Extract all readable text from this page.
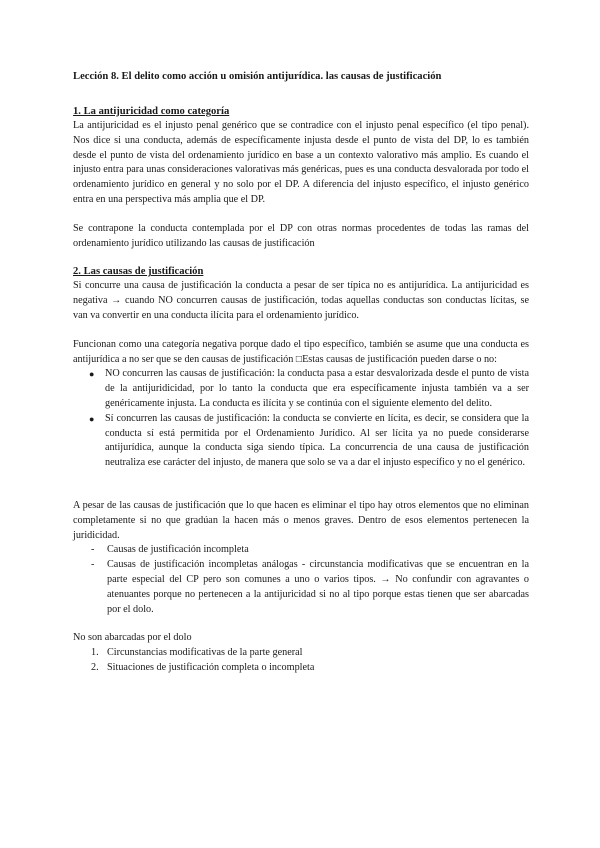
Lección 8. El delito como acción u omisión antijurídica. las causas de justificación

1. La antijuricidad como categoría

La antijuricidad es el injusto penal genérico que se contradice con el injusto penal específico (el tipo penal). Nos dice si una conducta, además de específicamente injusta desde el punto de vista del DP, lo es también desde el punto de vista del ordenamiento jurídico en base a un contexto valorativo más amplio. Es cuando el injusto entra para unas consideraciones valorativas más genéricas, pues es una conducta desvalorada por todo el ordenamiento jurídico en general y no solo por el DP. A diferencia del injusto específico, el injusto genérico entra en una perspectiva más amplia que el DP.

Se contrapone la conducta contemplada por el DP con otras normas procedentes de todas las ramas del ordenamiento jurídico utilizando las causas de justificación

2. Las causas de justificación

Si concurre una causa de justificación la conducta a pesar de ser típica no es antijurídica. La antijuricidad es negativa → cuando NO concurren causas de justificación, todas aquellas conductas son conductas lícitas, se van va convertir en una conducta ilícita para el ordenamiento jurídico.

Funcionan como una categoría negativa porque dado el tipo específico, también se asume que una conducta es antijurídica a no ser que se den causas de justificación □Estas causas de justificación pueden darse o no:

● NO concurren las causas de justificación: la conducta pasa a estar desvalorizada desde el punto de vista de la antijuridicidad, por lo tanto la conducta que era específicamente injusta también va a ser genéricamente injusta. La conducta es ilícita y se continúa con el siguiente elemento del delito.
● Sí concurren las causas de justificación: la conducta se convierte en lícita, es decir, se considera que la conducta sí está permitida por el Ordenamiento Jurídico. Al ser lícita ya no puede considerarse antijurídica, aunque la conducta siga siendo típica. La concurrencia de una causa de justificación neutraliza ese carácter del injusto, de manera que solo se va a dar el injusto específico y no el genérico.

A pesar de las causas de justificación que lo que hacen es eliminar el tipo hay otros elementos que no eliminan completamente si no que gradúan la hacen más o menos graves. Dentro de esos elementos pertenecen la juridicidad.

- Causas de justificación incompleta
- Causas de justificación incompletas análogas - circunstancia modificativas que se encuentran en la parte especial del CP pero son comunes a uno o varios tipos. → No confundir con agravantes o atenuantes porque no pertenecen a la antijuricidad si no al tipo porque estas tienen que ser abarcadas por el dolo.

No son abarcadas por el dolo

1. Circunstancias modificativas de la parte general
2. Situaciones de justificación completa o incompleta
